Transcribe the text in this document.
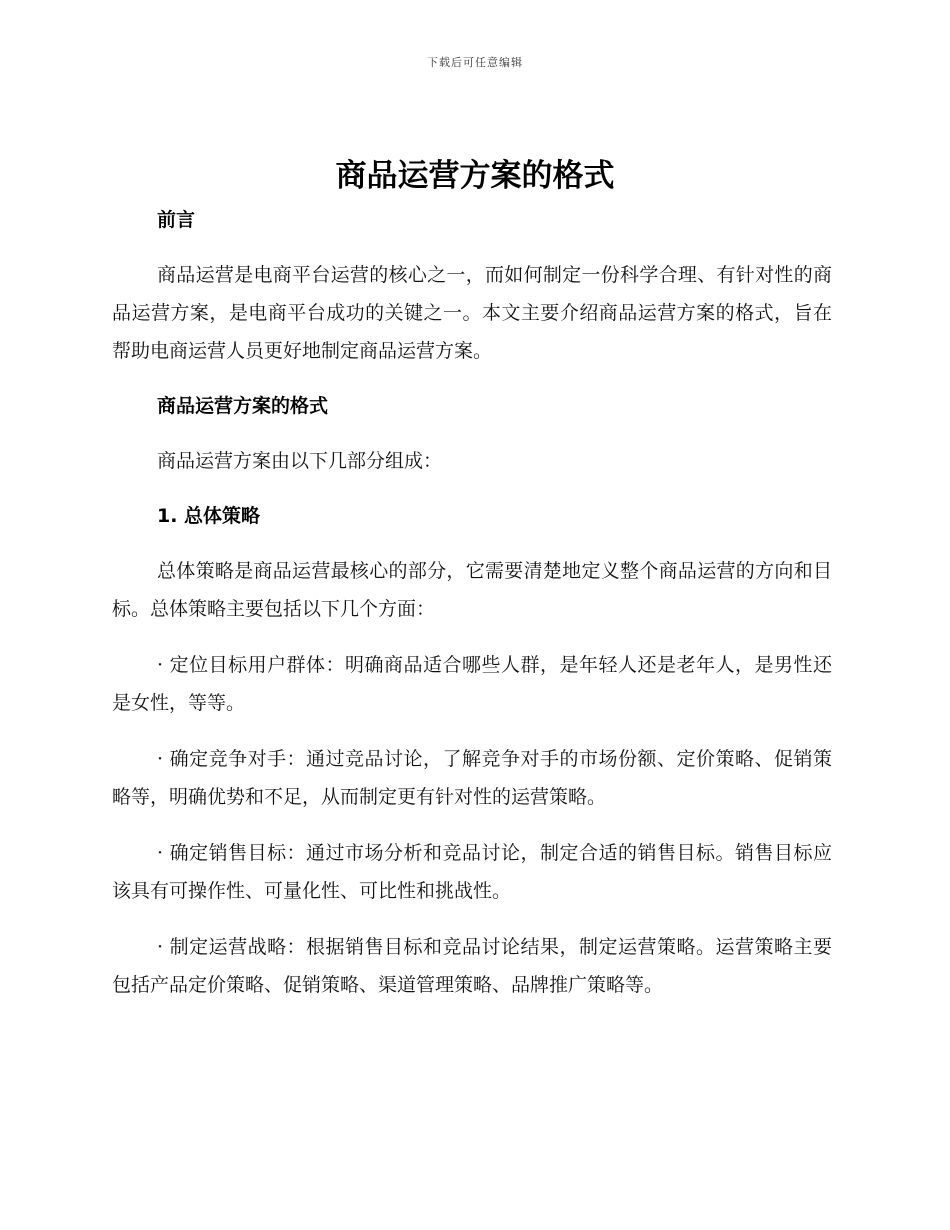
下载后可任意编辑
商品运营方案的格式

前言

商品运营是电商平台运营的核心之一，而如何制定一份科学合理、有针对性的商品运营方案，是电商平台成功的关键之一。本文主要介绍商品运营方案的格式，旨在帮助电商运营人员更好地制定商品运营方案。

商品运营方案的格式

商品运营方案由以下几部分组成：

1. 总体策略

总体策略是商品运营最核心的部分，它需要清楚地定义整个商品运营的方向和目标。总体策略主要包括以下几个方面：

· 定位目标用户群体：明确商品适合哪些人群，是年轻人还是老年人，是男性还是女性，等等。

· 确定竞争对手：通过竞品讨论，了解竞争对手的市场份额、定价策略、促销策略等，明确优势和不足，从而制定更有针对性的运营策略。

· 确定销售目标：通过市场分析和竞品讨论，制定合适的销售目标。销售目标应该具有可操作性、可量化性、可比性和挑战性。

· 制定运营战略：根据销售目标和竞品讨论结果，制定运营策略。运营策略主要包括产品定价策略、促销策略、渠道管理策略、品牌推广策略等。
